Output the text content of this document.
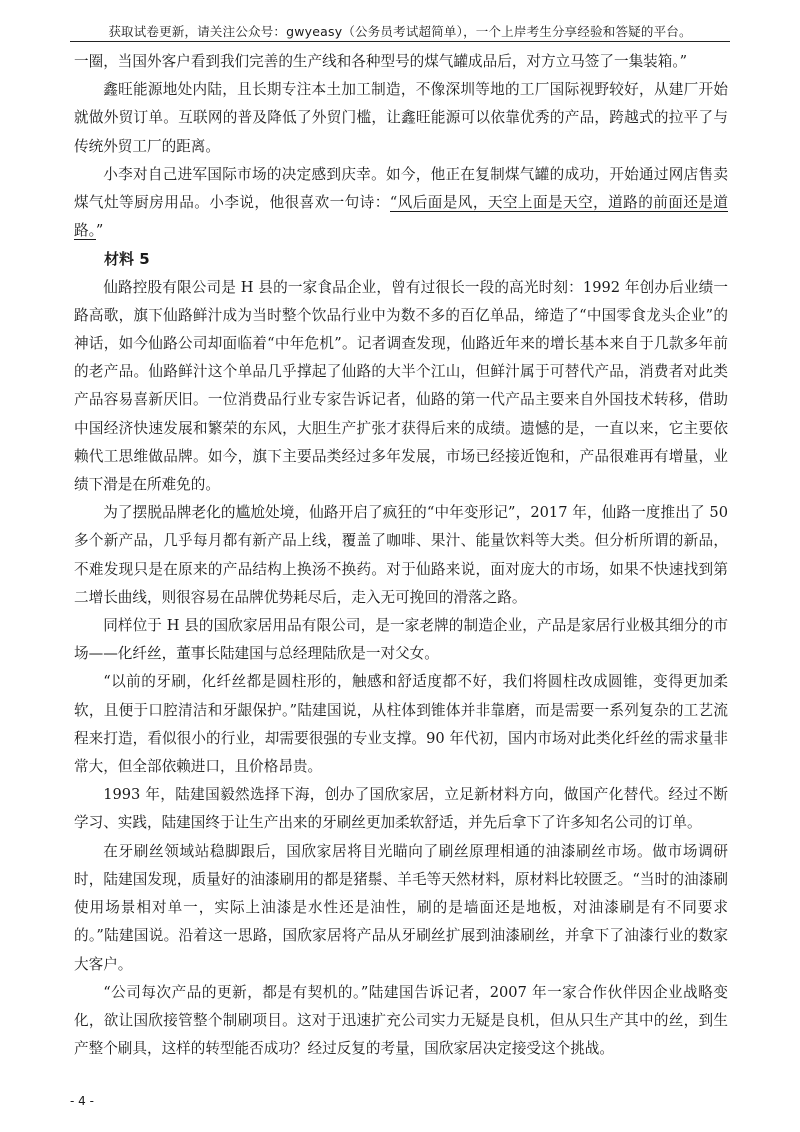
获取试卷更新，请关注公众号：gwyeasy（公务员考试超简单），一个上岸考生分享经验和答疑的平台。

一圈，当国外客户看到我们完善的生产线和各种型号的煤气罐成品后，对方立马签了一集装箱。”

鑫旺能源地处内陆，且长期专注本土加工制造，不像深圳等地的工厂国际视野较好，从建厂开始就做外贸订单。互联网的普及降低了外贸门槛，让鑫旺能源可以依靠优秀的产品，跨越式的拉平了与传统外贸工厂的距离。

小李对自己进军国际市场的决定感到庆幸。如今，他正在复制煤气罐的成功，开始通过网店售卖煤气灶等厨房用品。小李说，他很喜欢一句诗：“风后面是风，天空上面是天空，道路的前面还是道路。”

材料 5

仙路控股有限公司是 H 县的一家食品企业，曾有过很长一段的高光时刻：1992 年创办后业绩一路高歌，旗下仙路鲜汁成为当时整个饮品行业中为数不多的百亿单品，缔造了“中国零食龙头企业”的神话，如今仙路公司却面临着“中年危机”。记者调查发现，仙路近年来的增长基本来自于几款多年前的老产品。仙路鲜汁这个单品几乎撑起了仙路的大半个江山，但鲜汁属于可替代产品，消费者对此类产品容易喜新厌旧。一位消费品行业专家告诉记者，仙路的第一代产品主要来自外国技术转移，借助中国经济快速发展和繁荣的东风，大胆生产扩张才获得后来的成绩。遗憾的是，一直以来，它主要依赖代工思维做品牌。如今，旗下主要品类经过多年发展，市场已经接近饱和，产品很难再有增量，业绩下滑是在所难免的。

为了摆脱品牌老化的尴尬处境，仙路开启了疯狂的“中年变形记”，2017 年，仙路一度推出了 50 多个新产品，几乎每月都有新产品上线，覆盖了咖啡、果汁、能量饮料等大类。但分析所谓的新品，不难发现只是在原来的产品结构上换汤不换药。对于仙路来说，面对庞大的市场，如果不快速找到第二增长曲线，则很容易在品牌优势耗尽后，走入无可挽回的滑落之路。

同样位于 H 县的国欣家居用品有限公司，是一家老牌的制造企业，产品是家居行业极其细分的市场——化纤丝，董事长陆建国与总经理陆欣是一对父女。

“以前的牙刷，化纤丝都是圆柱形的，触感和舒适度都不好，我们将圆柱改成圆锥，变得更加柔软，且便于口腔清洁和牙龈保护。”陆建国说，从柱体到锥体并非靠磨，而是需要一系列复杂的工艺流程来打造，看似很小的行业，却需要很强的专业支撑。90 年代初，国内市场对此类化纤丝的需求量非常大，但全部依赖进口，且价格昂贵。

1993 年，陆建国毅然选择下海，创办了国欣家居，立足新材料方向，做国产化替代。经过不断学习、实践，陆建国终于让生产出来的牙刷丝更加柔软舒适，并先后拿下了许多知名公司的订单。

在牙刷丝领域站稳脚跟后，国欣家居将目光瞄向了刷丝原理相通的油漆刷丝市场。做市场调研时，陆建国发现，质量好的油漆刷用的都是猪鬃、羊毛等天然材料，原材料比较匮乏。“当时的油漆刷使用场景相对单一，实际上油漆是水性还是油性，刷的是墙面还是地板，对油漆刷是有不同要求的。”陆建国说。沿着这一思路，国欣家居将产品从牙刷丝扩展到油漆刷丝，并拿下了油漆行业的数家大客户。

“公司每次产品的更新，都是有契机的。”陆建国告诉记者，2007 年一家合作伙伴因企业战略变化，欲让国欣接管整个制刷项目。这对于迅速扩充公司实力无疑是良机，但从只生产其中的丝，到生产整个刷具，这样的转型能否成功？经过反复的考量，国欣家居决定接受这个挑战。

- 4 -
